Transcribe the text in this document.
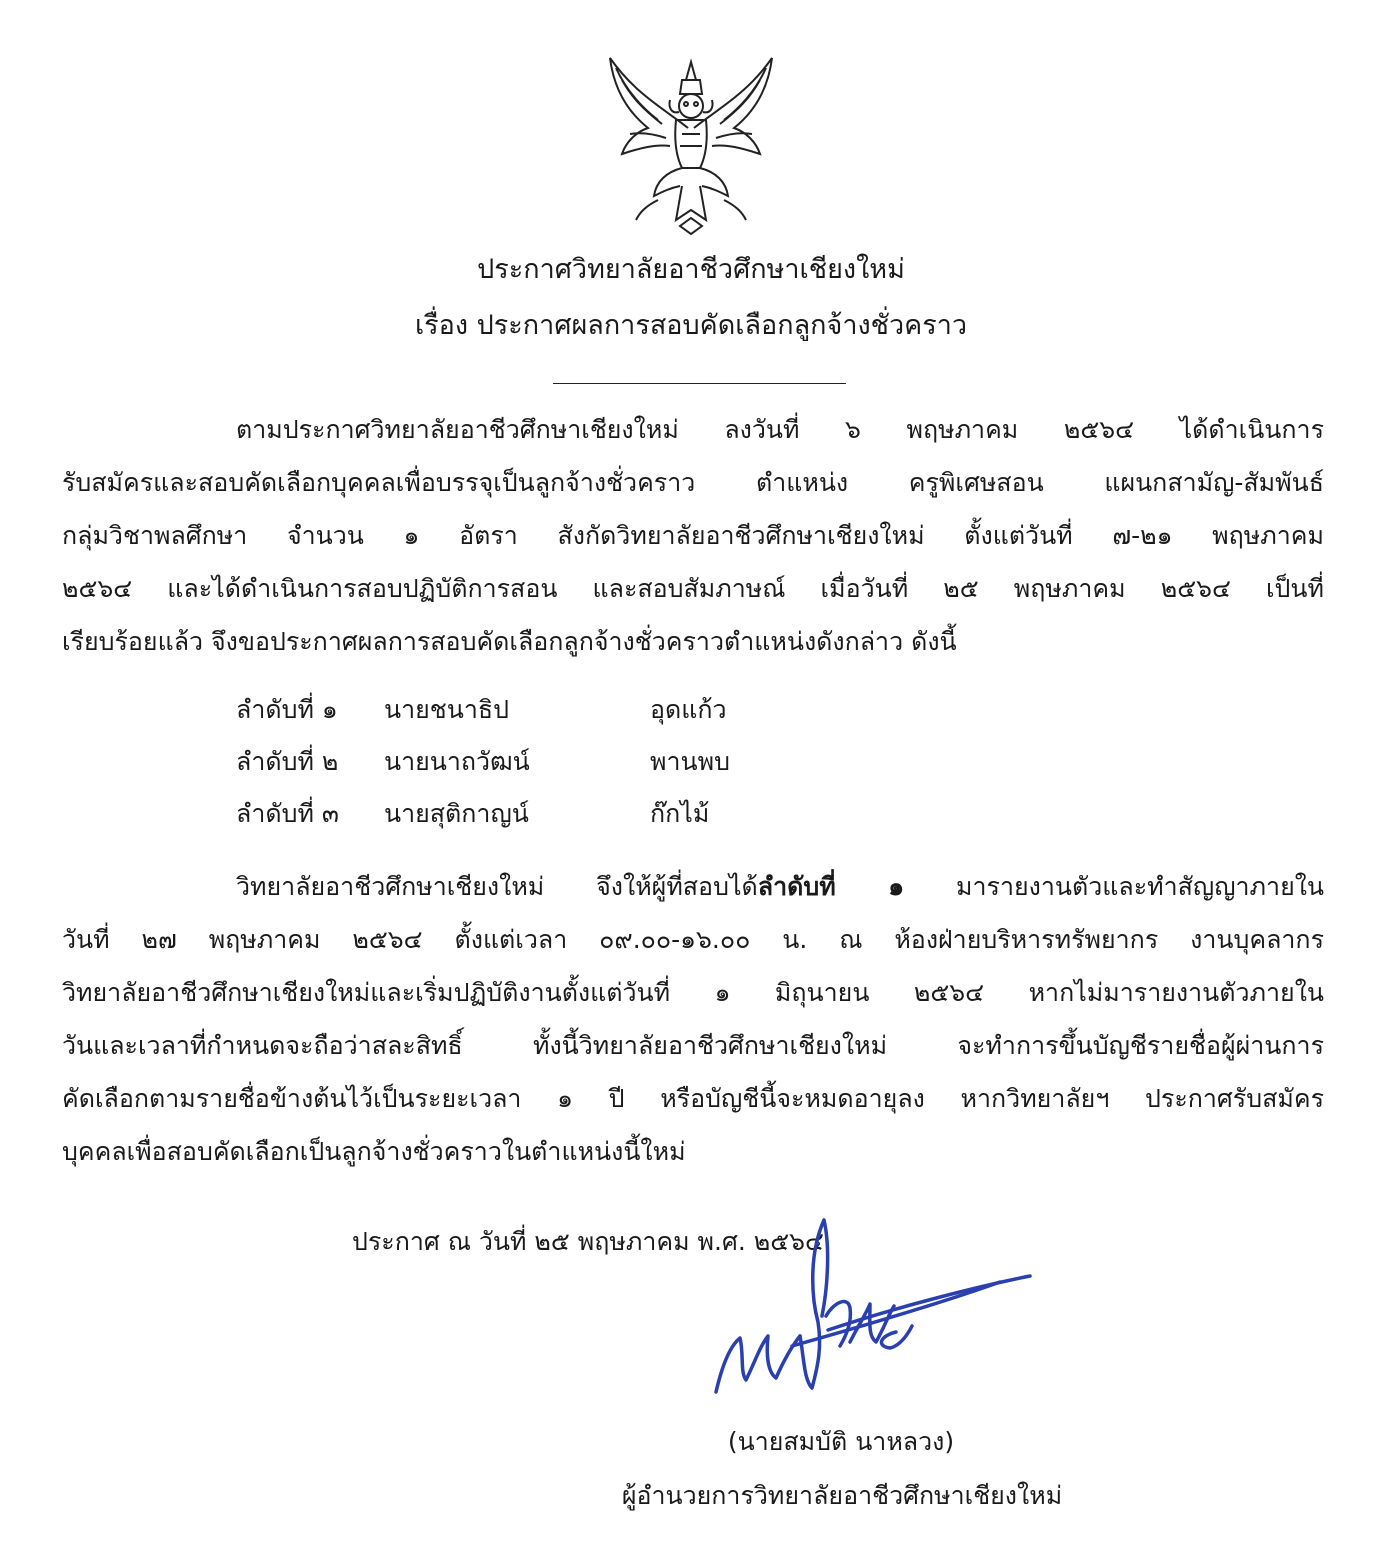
ประกาศวิทยาลัยอาชีวศึกษาเชียงใหม่
เรื่อง ประกาศผลการสอบคัดเลือกลูกจ้างชั่วคราว
ตามประกาศวิทยาลัยอาชีวศึกษาเชียงใหม่ ลงวันที่ ๖ พฤษภาคม ๒๕๖๔ ได้ดำเนินการ
รับสมัครและสอบคัดเลือกบุคคลเพื่อบรรจุเป็นลูกจ้างชั่วคราว ตำแหน่ง ครูพิเศษสอน แผนกสามัญ-สัมพันธ์
กลุ่มวิชาพลศึกษา จำนวน ๑ อัตรา สังกัดวิทยาลัยอาชีวศึกษาเชียงใหม่ ตั้งแต่วันที่ ๗-๒๑ พฤษภาคม
๒๕๖๔ และได้ดำเนินการสอบปฏิบัติการสอน และสอบสัมภาษณ์ เมื่อวันที่ ๒๕ พฤษภาคม ๒๕๖๔ เป็นที่
เรียบร้อยแล้ว จึงขอประกาศผลการสอบคัดเลือกลูกจ้างชั่วคราวตำแหน่งดังกล่าว ดังนี้
ลำดับที่ ๑ นายชนาธิป	อุดแก้ว
ลำดับที่ ๒ นายนาถวัฒน์	พานพบ
ลำดับที่ ๓ นายสุติกาญน์	ก๊กไม้
วิทยาลัยอาชีวศึกษาเชียงใหม่ จึงให้ผู้ที่สอบได้ลำดับที่ ๑ มารายงานตัวและทำสัญญาภายใน
วันที่ ๒๗ พฤษภาคม ๒๕๖๔ ตั้งแต่เวลา ๐๙.๐๐-๑๖.๐๐ น. ณ ห้องฝ่ายบริหารทรัพยากร งานบุคลากร
วิทยาลัยอาชีวศึกษาเชียงใหม่และเริ่มปฏิบัติงานตั้งแต่วันที่ ๑ มิถุนายน ๒๕๖๔ หากไม่มารายงานตัวภายใน
วันและเวลาที่กำหนดจะถือว่าสละสิทธิ์ ทั้งนี้วิทยาลัยอาชีวศึกษาเชียงใหม่ จะทำการขึ้นบัญชีรายชื่อผู้ผ่านการ
คัดเลือกตามรายชื่อข้างต้นไว้เป็นระยะเวลา ๑ ปี หรือบัญชีนี้จะหมดอายุลง หากวิทยาลัยฯ ประกาศรับสมัคร
บุคคลเพื่อสอบคัดเลือกเป็นลูกจ้างชั่วคราวในตำแหน่งนี้ใหม่
ประกาศ ณ วันที่ ๒๕ พฤษภาคม พ.ศ. ๒๕๖๔
(นายสมบัติ นาหลวง)
ผู้อำนวยการวิทยาลัยอาชีวศึกษาเชียงใหม่
